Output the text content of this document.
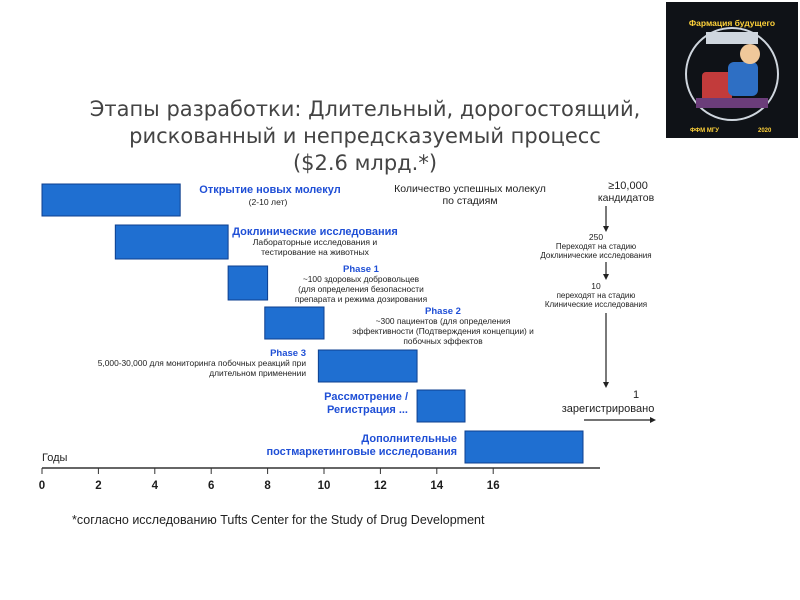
Этапы разработки: Длительный, дорогостоящий,
рискованный и непредсказуемый процесс
($2.6 млрд.*)
Фармация будущего
ФФМ МГУ	2020
Открытие новых молекул
(2-10 лет)
Доклинические исследования
Лабораторные исследования и
тестирование на животных
Phase 1
~100 здоровых добровольцев
(для определения безопасности
препарата и режима дозирования
Phase 2
~300 пациентов (для определения
эффективности (Подтверждения концепции) и
побочных эффектов
Phase 3
5,000-30,000 для мониторинга побочных реакций при
длительном применении
Рассмотрение /
Регистрация ...
Дополнительные
постмаркетинговые исследования
0	2	4	6	8	10	12	14	16
Годы
Количество успешных молекул
по стадиям
≥10,000
кандидатов
250
Переходят на стадию
Доклинические исследования
10
переходят на стадию
Клинические исследования
1
зарегистрировано
*согласно исследованию Tufts Center for the Study of Drug Development
